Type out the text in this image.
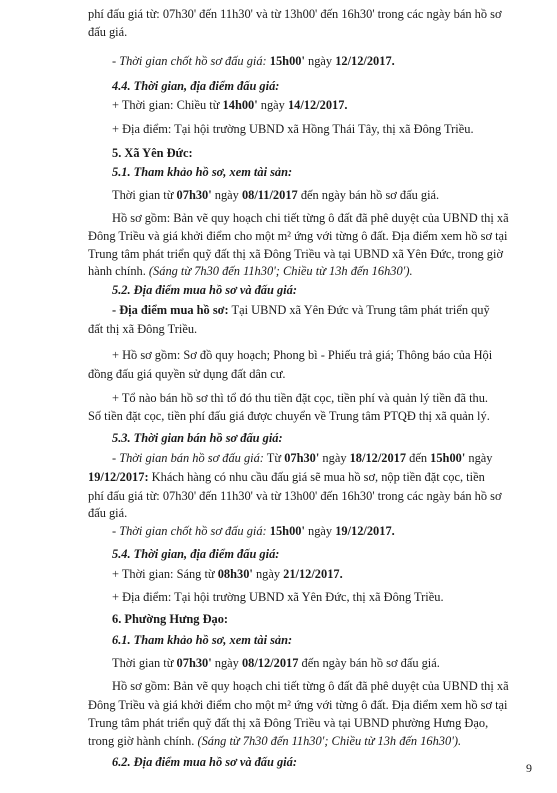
phí đấu giá từ: 07h30' đến 11h30' và từ 13h00' đến 16h30' trong các ngày bán hồ sơ
đấu giá.
- Thời gian chốt hồ sơ đấu giá: 15h00' ngày 12/12/2017.
4.4. Thời gian, địa điểm đấu giá:
+ Thời gian: Chiều từ 14h00' ngày 14/12/2017.
+ Địa điểm: Tại hội trường UBND xã Hồng Thái Tây, thị xã Đông Triều.
5. Xã Yên Đức:
5.1. Tham khảo hồ sơ, xem tài sản:
Thời gian từ 07h30' ngày 08/11/2017 đến ngày bán hồ sơ đấu giá.
Hồ sơ gồm: Bản vẽ quy hoạch chi tiết từng ô đất đã phê duyệt của UBND thị xã
Đông Triều và giá khởi điểm cho một m² ứng với từng ô đất. Địa điểm xem hồ sơ tại
Trung tâm phát triển quỹ đất thị xã Đông Triều và tại UBND xã Yên Đức, trong giờ
hành chính. (Sáng từ 7h30 đến 11h30'; Chiều từ 13h đến 16h30').
5.2. Địa điểm mua hồ sơ và đấu giá:
- Địa điểm mua hồ sơ: Tại UBND xã Yên Đức và Trung tâm phát triển quỹ
đất thị xã Đông Triều.
+ Hồ sơ gồm: Sơ đồ quy hoạch; Phong bì - Phiếu trả giá; Thông báo của Hội
đồng đấu giá quyền sử dụng đất dân cư.
+ Tổ nào bán hồ sơ thì tổ đó thu tiền đặt cọc, tiền phí và quản lý tiền đã thu.
Số tiền đặt cọc, tiền phí đấu giá được chuyển về Trung tâm PTQĐ thị xã quản lý.
5.3. Thời gian bán hồ sơ đấu giá:
- Thời gian bán hồ sơ đấu giá: Từ 07h30' ngày 18/12/2017 đến 15h00' ngày
19/12/2017: Khách hàng có nhu cầu đấu giá sẽ mua hồ sơ, nộp tiền đặt cọc, tiền
phí đấu giá từ: 07h30' đến 11h30' và từ 13h00' đến 16h30' trong các ngày bán hồ sơ
đấu giá.
- Thời gian chốt hồ sơ đấu giá: 15h00' ngày 19/12/2017.
5.4. Thời gian, địa điểm đấu giá:
+ Thời gian: Sáng từ 08h30' ngày 21/12/2017.
+ Địa điểm: Tại hội trường UBND xã Yên Đức, thị xã Đông Triều.
6. Phường Hưng Đạo:
6.1. Tham khảo hồ sơ, xem tài sản:
Thời gian từ 07h30' ngày 08/12/2017 đến ngày bán hồ sơ đấu giá.
Hồ sơ gồm: Bản vẽ quy hoạch chi tiết từng ô đất đã phê duyệt của UBND thị xã
Đông Triều và giá khởi điểm cho một m² ứng với từng ô đất. Địa điểm xem hồ sơ tại
Trung tâm phát triển quỹ đất thị xã Đông Triều và tại UBND phường Hưng Đạo,
trong giờ hành chính. (Sáng từ 7h30 đến 11h30'; Chiều từ 13h đến 16h30').
6.2. Địa điểm mua hồ sơ và đấu giá:	9
